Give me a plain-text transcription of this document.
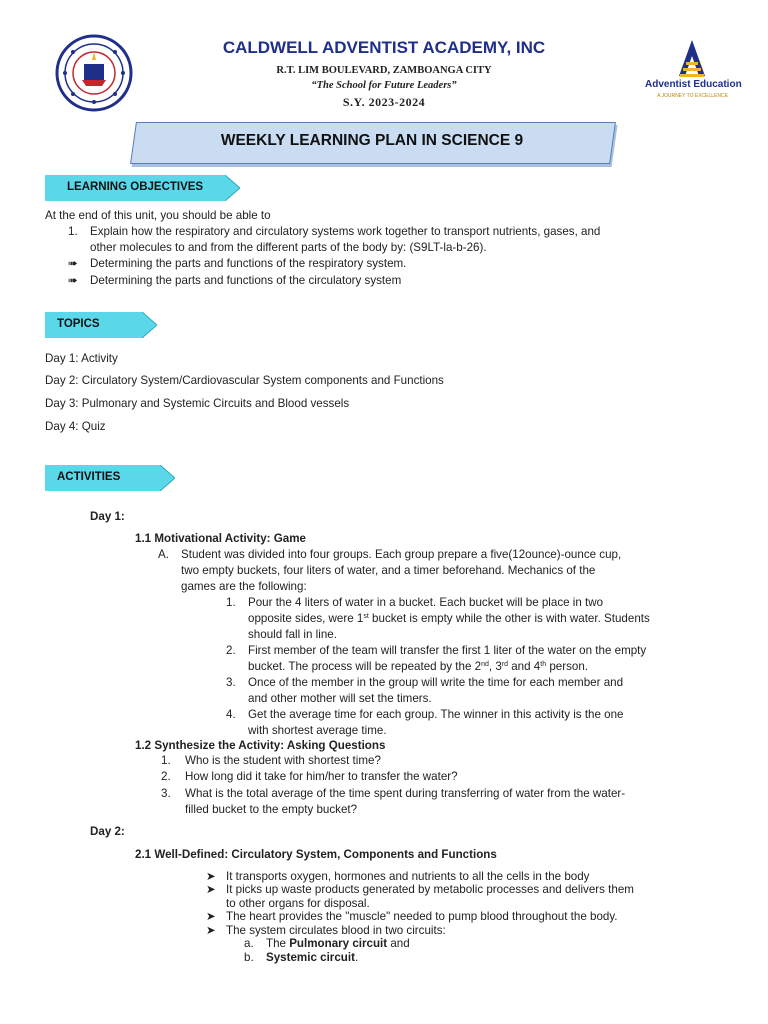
CALDWELL ADVENTIST ACADEMY, INC
R.T. LIM BOULEVARD, ZAMBOANGA CITY
“The School for Future Leaders”
S.Y. 2023-2024
Adventist Education
A JOURNEY TO EXCELLENCE
WEEKLY LEARNING PLAN IN SCIENCE 9
LEARNING OBJECTIVES
At the end of this unit, you should be able to
1. Explain how the respiratory and circulatory systems work together to transport nutrients, gases, and
other molecules to and from the different parts of the body by: (S9LT-la-b-26).
➠ Determining the parts and functions of the respiratory system.
➠ Determining the parts and functions of the circulatory system
TOPICS
Day 1: Activity
Day 2: Circulatory System/Cardiovascular System components and Functions
Day 3: Pulmonary and Systemic Circuits and Blood vessels
Day 4: Quiz
ACTIVITIES
Day 1:
1.1 Motivational Activity: Game
A. Student was divided into four groups. Each group prepare a five(12ounce)-ounce cup,
two empty buckets, four liters of water, and a timer beforehand. Mechanics of the
games are the following:
1. Pour the 4 liters of water in a bucket. Each bucket will be place in two
opposite sides, were 1st bucket is empty while the other is with water. Students
should fall in line.
2. First member of the team will transfer the first 1 liter of the water on the empty
bucket. The process will be repeated by the 2nd, 3rd and 4th person.
3. Once of the member in the group will write the time for each member and
and other mother will set the timers.
4. Get the average time for each group. The winner in this activity is the one
with shortest average time.
1.2 Synthesize the Activity: Asking Questions
1. Who is the student with shortest time?
2. How long did it take for him/her to transfer the water?
3. What is the total average of the time spent during transferring of water from the water-
filled bucket to the empty bucket?
Day 2:
2.1 Well-Defined: Circulatory System, Components and Functions
➤ It transports oxygen, hormones and nutrients to all the cells in the body
➤ It picks up waste products generated by metabolic processes and delivers them
to other organs for disposal.
➤ The heart provides the "muscle" needed to pump blood throughout the body.
➤ The system circulates blood in two circuits:
a. The Pulmonary circuit and
b. Systemic circuit.
